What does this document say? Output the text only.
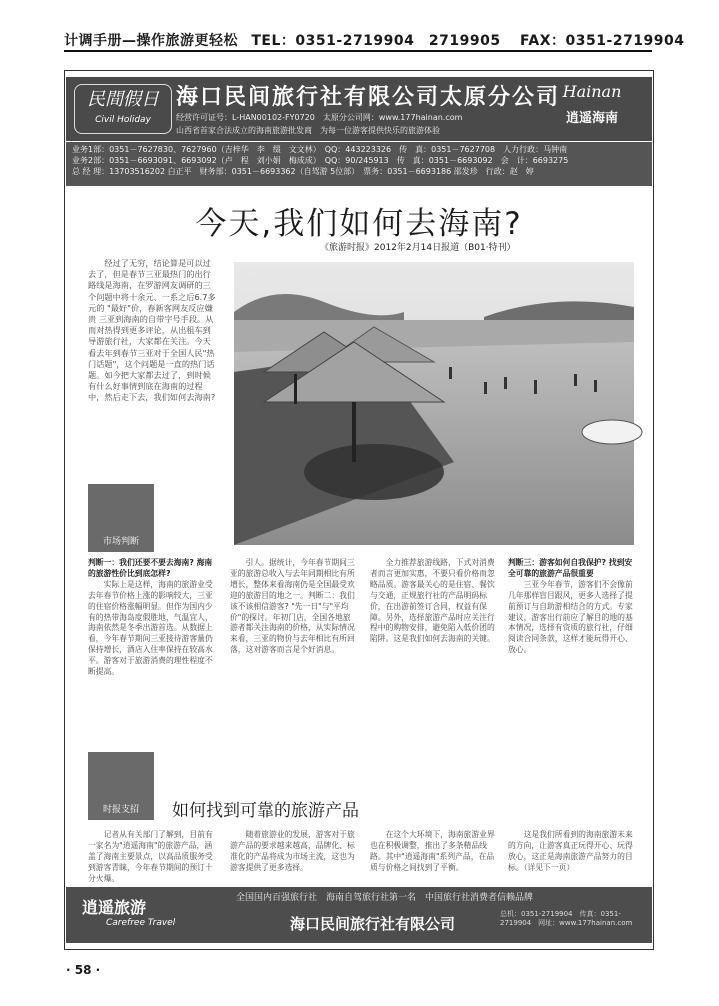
计调手册—操作旅游更轻松 TEL：0351-2719904　2719905 FAX：0351-2719904
民間假日
Civil Holiday
海口民间旅行社有限公司太原分公司
经营许可证号：L-HAN00102-FY0720　太原分公司网：www.177hainan.com
山西省首家合法成立的海南旅游批发商　为每一位游客提供快乐的旅游体验
Hainan
逍遥海南
业务1部：0351－7627830、7627960（吉梓华　李　缀　文文林）　QQ：443223326　传　真：0351－7627708　人力行政：马钟南
业务2部：0351－6693091、6693092（卢　程　刘小娟　梅成成）　QQ：90/245913　传　真：0351－6693092　会　计：6693275
总 经 理：13703516202 白正平　财务部：0351－6693362（自驾游 5位部）　票务：0351－6693186 邵发珍　行政：赵　婷
今天,我们如何去海南?
《旅游时报》2012年2月14日报道（B01·特刊）
经过了无穷，结论算是可以过去了，但是春节三亚最热门的出行路线是海南，在罗游网友调研的三个问题中将十余元、一系之后6.7多元的 "最好"价，春新客网友反应嫌贵 三亚到海南的自带字号手段。从而对热得到更多评论，从出租车到导游旅行社，大家都在关注。今天看去年到春节三亚对于全国人民"热门话题"，这个问题是一直的热门话题。如今把大家都去过了，到时候有什么好事情到底在海南的过程中，然后走下去，我们如何去海南?
市场判断

判断一：我们还要不要去海南? 海南的旅游性价比到底怎样?

实际上是这样，海南的旅游业受去年春节价格上涨的影响较大，三亚的住宿价格涨幅明显。但作为国内少有的热带海岛度假胜地，气温宜人，海南依然是冬季出游首选。从数据上看，今年春节期间三亚接待游客量仍保持增长，酒店入住率保持在较高水平。游客对于旅游消费的理性程度不断提高。

引人。据统计，今年春节期间三亚的旅游总收入与去年同期相比有所增长，整体来看海南仍是全国最受欢迎的旅游目的地之一。判断二：我们该不该相信游客? "先一日"与"平均价"的探讨。年初门店，全国各地旅游者都关注海南的价格，从实际情况来看，三亚的物价与去年相比有所回落，这对游客而言是个好消息。

全力推荐旅游线路，下式对消费者而言更加实惠，不要只看价格而忽略品质。游客最关心的是住宿、餐饮与交通，正规旅行社的产品明码标价，在出游前签订合同，权益有保障。另外，选择旅游产品时应关注行程中的购物安排，避免陷入低价团的陷阱。这是我们如何去海南的关键。

判断三：游客如何自我保护? 找到安全可靠的旅游产品很重要

三亚今年春节，游客们不会像前几年那样盲目跟风，更多人选择了提前预订与自助游相结合的方式。专家建议，游客出行前应了解目的地的基本情况，选择有资质的旅行社，仔细阅读合同条款，这样才能玩得开心、放心。

时报支招	如何找到可靠的旅游产品

记者从有关部门了解到，目前有一家名为"逍遥海南"的旅游产品，涵盖了海南主要景点，以高品质服务受到游客青睐，今年春节期间的预订十分火爆。

随着旅游业的发展，游客对于旅游产品的要求越来越高，品牌化、标准化的产品将成为市场主流，这也为游客提供了更多选择。

在这个大环境下，海南旅游业界也在积极调整，推出了多条精品线路。其中"逍遥海南"系列产品，在品质与价格之间找到了平衡。

这是我们所看到的海南旅游未来的方向，让游客真正玩得开心、玩得放心，这正是海南旅游产品努力的目标。（详见下一页）

逍遥旅游
Carefree Travel
全国国内百强旅行社　海南自驾旅行社第一名　中国旅行社消费者信赖品牌
海口民间旅行社有限公司
总机：0351-2719904　传真：0351-2719904　网址：www.177hainan.com
· 58 ·
